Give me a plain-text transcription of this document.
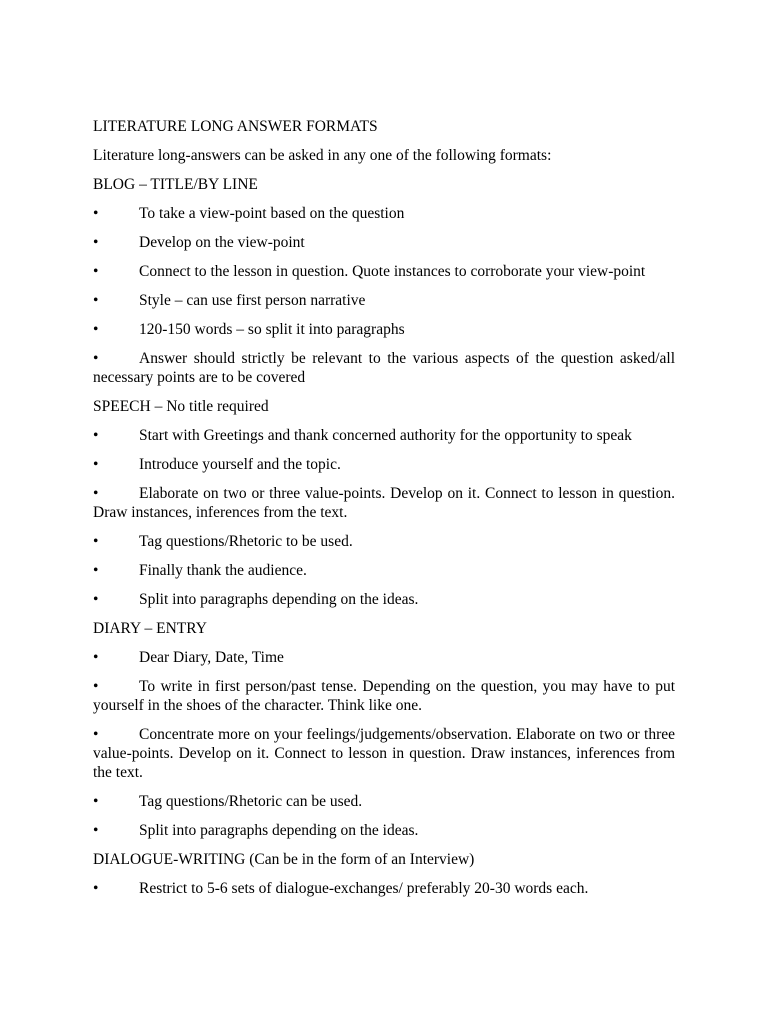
LITERATURE LONG ANSWER FORMATS

Literature long-answers can be asked in any one of the following formats:

BLOG – TITLE/BY LINE

•	To take a view-point based on the question

•	Develop on the view-point

•	Connect to the lesson in question. Quote instances to corroborate your view-point

•	Style – can use first person narrative

•	120-150 words – so split it into paragraphs

•	Answer should strictly be relevant to the various aspects of the question asked/all necessary points are to be covered

SPEECH – No title required

•	Start with Greetings and thank concerned authority for the opportunity to speak

•	Introduce yourself and the topic.

•	Elaborate on two or three value-points. Develop on it. Connect to lesson in question. Draw instances, inferences from the text.

•	Tag questions/Rhetoric to be used.

•	Finally thank the audience.

•	Split into paragraphs depending on the ideas.

DIARY – ENTRY

•	Dear Diary, Date, Time

•	To write in first person/past tense. Depending on the question, you may have to put yourself in the shoes of the character. Think like one.

•	Concentrate more on your feelings/judgements/observation. Elaborate on two or three value-points. Develop on it. Connect to lesson in question. Draw instances, inferences from the text.

•	Tag questions/Rhetoric can be used.

•	Split into paragraphs depending on the ideas.

DIALOGUE-WRITING (Can be in the form of an Interview)

•	Restrict to 5-6 sets of dialogue-exchanges/ preferably 20-30 words each.
